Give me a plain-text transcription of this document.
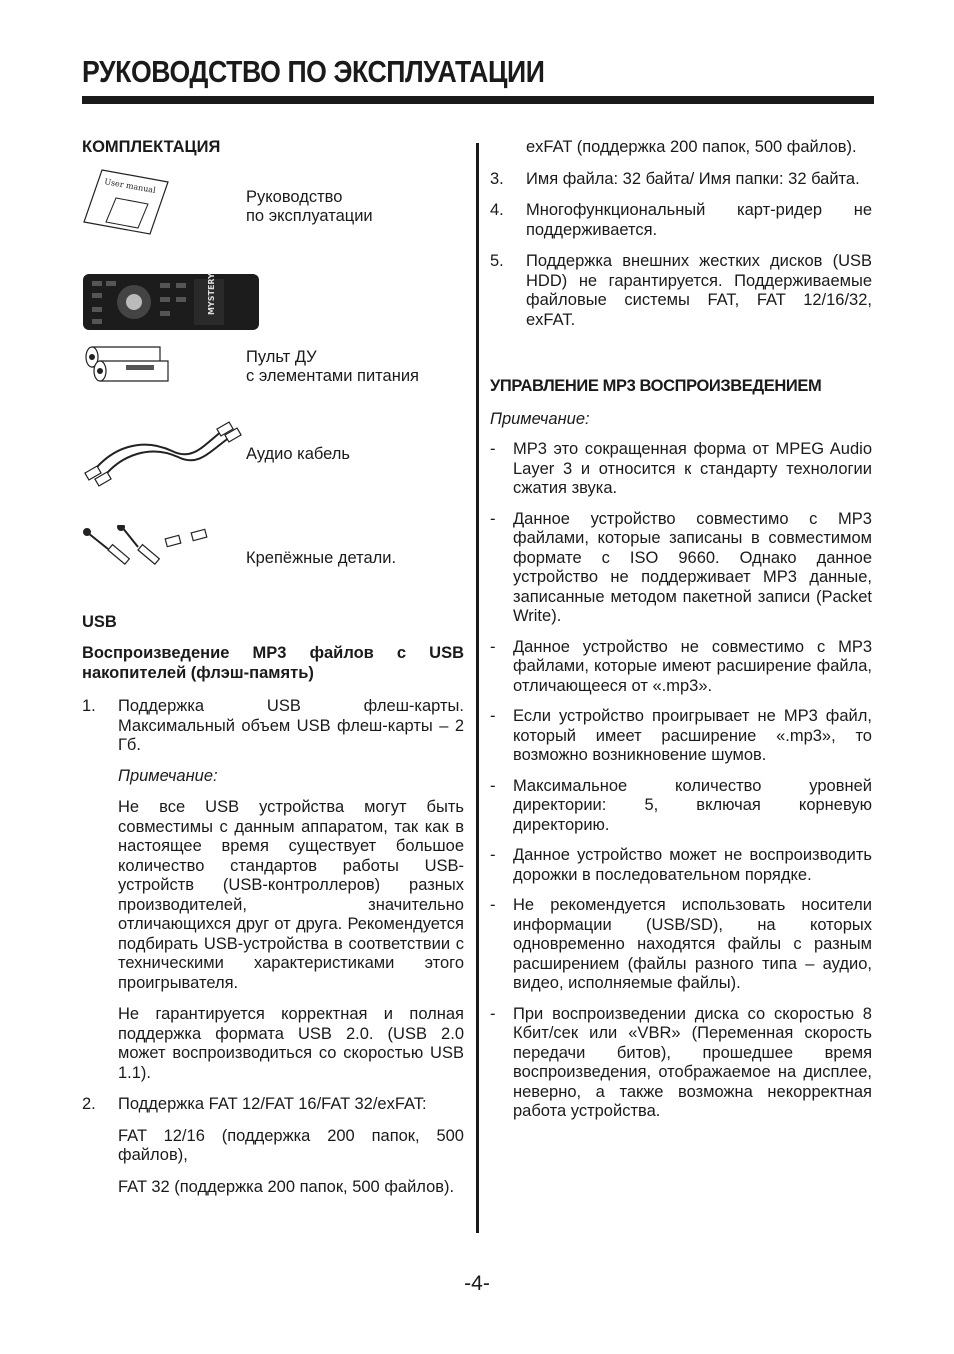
РУКОВОДСТВО ПО ЭКСПЛУАТАЦИИ

КОМПЛЕКТАЦИЯ

User manual
Руководство
по эксплуатации
MYSTERY
Пульт ДУ
с элементами питания
Аудио кабель
Крепёжные детали.

USB

Воспроизведение MP3 файлов с USB накопителей (флэш-память)

1. Поддержка USB флеш-карты. Максимальный объем USB флеш-карты – 2 Гб.

Примечание:

Не все USB устройства могут быть совместимы с данным аппаратом, так как в настоящее время существует большое количество стандартов работы USB-устройств (USB-контроллеров) разных производителей, значительно отличающихся друг от друга. Рекомендуется подбирать USB-устройства в соответствии с техническими характеристиками этого проигрывателя.

Не гарантируется корректная и полная поддержка формата USB 2.0. (USB 2.0 может воспроизводиться со скоростью USB 1.1).

2. Поддержка FAT 12/FAT 16/FAT 32/exFAT:

FAT 12/16 (поддержка 200 папок, 500 файлов),

FAT 32 (поддержка 200 папок, 500 файлов).

exFAT (поддержка 200 папок, 500 файлов).

3. Имя файла: 32 байта/ Имя папки: 32 байта.
4. Многофункциональный карт-ридер не поддерживается.
5. Поддержка внешних жестких дисков (USB HDD) не гарантируется. Поддерживаемые файловые системы FAT, FAT 12/16/32, exFAT.

УПРАВЛЕНИЕ MP3 ВОСПРОИЗВЕДЕНИЕМ

Примечание:

- MP3 это сокращенная форма от MPEG Audio Layer 3 и относится к стандарту технологии сжатия звука.
- Данное устройство совместимо с MP3 файлами, которые записаны в совместимом формате с ISO 9660. Однако данное устройство не поддерживает MP3 данные, записанные методом пакетной записи (Packet Write).
- Данное устройство не совместимо с MP3 файлами, которые имеют расширение файла, отличающееся от «.mp3».
- Если устройство проигрывает не MP3 файл, который имеет расширение «.mp3», то возможно возникновение шумов.
- Максимальное количество уровней директории: 5, включая корневую директорию.
- Данное устройство может не воспроизводить дорожки в последовательном порядке.
- Не рекомендуется использовать носители информации (USB/SD), на которых одновременно находятся файлы с разным расширением (файлы разного типа – аудио, видео, исполняемые файлы).
- При воспроизведении диска со скоростью 8 Кбит/сек или «VBR» (Переменная скорость передачи битов), прошедшее время воспроизведения, отображаемое на дисплее, неверно, а также возможна некорректная работа устройства.
-4-
